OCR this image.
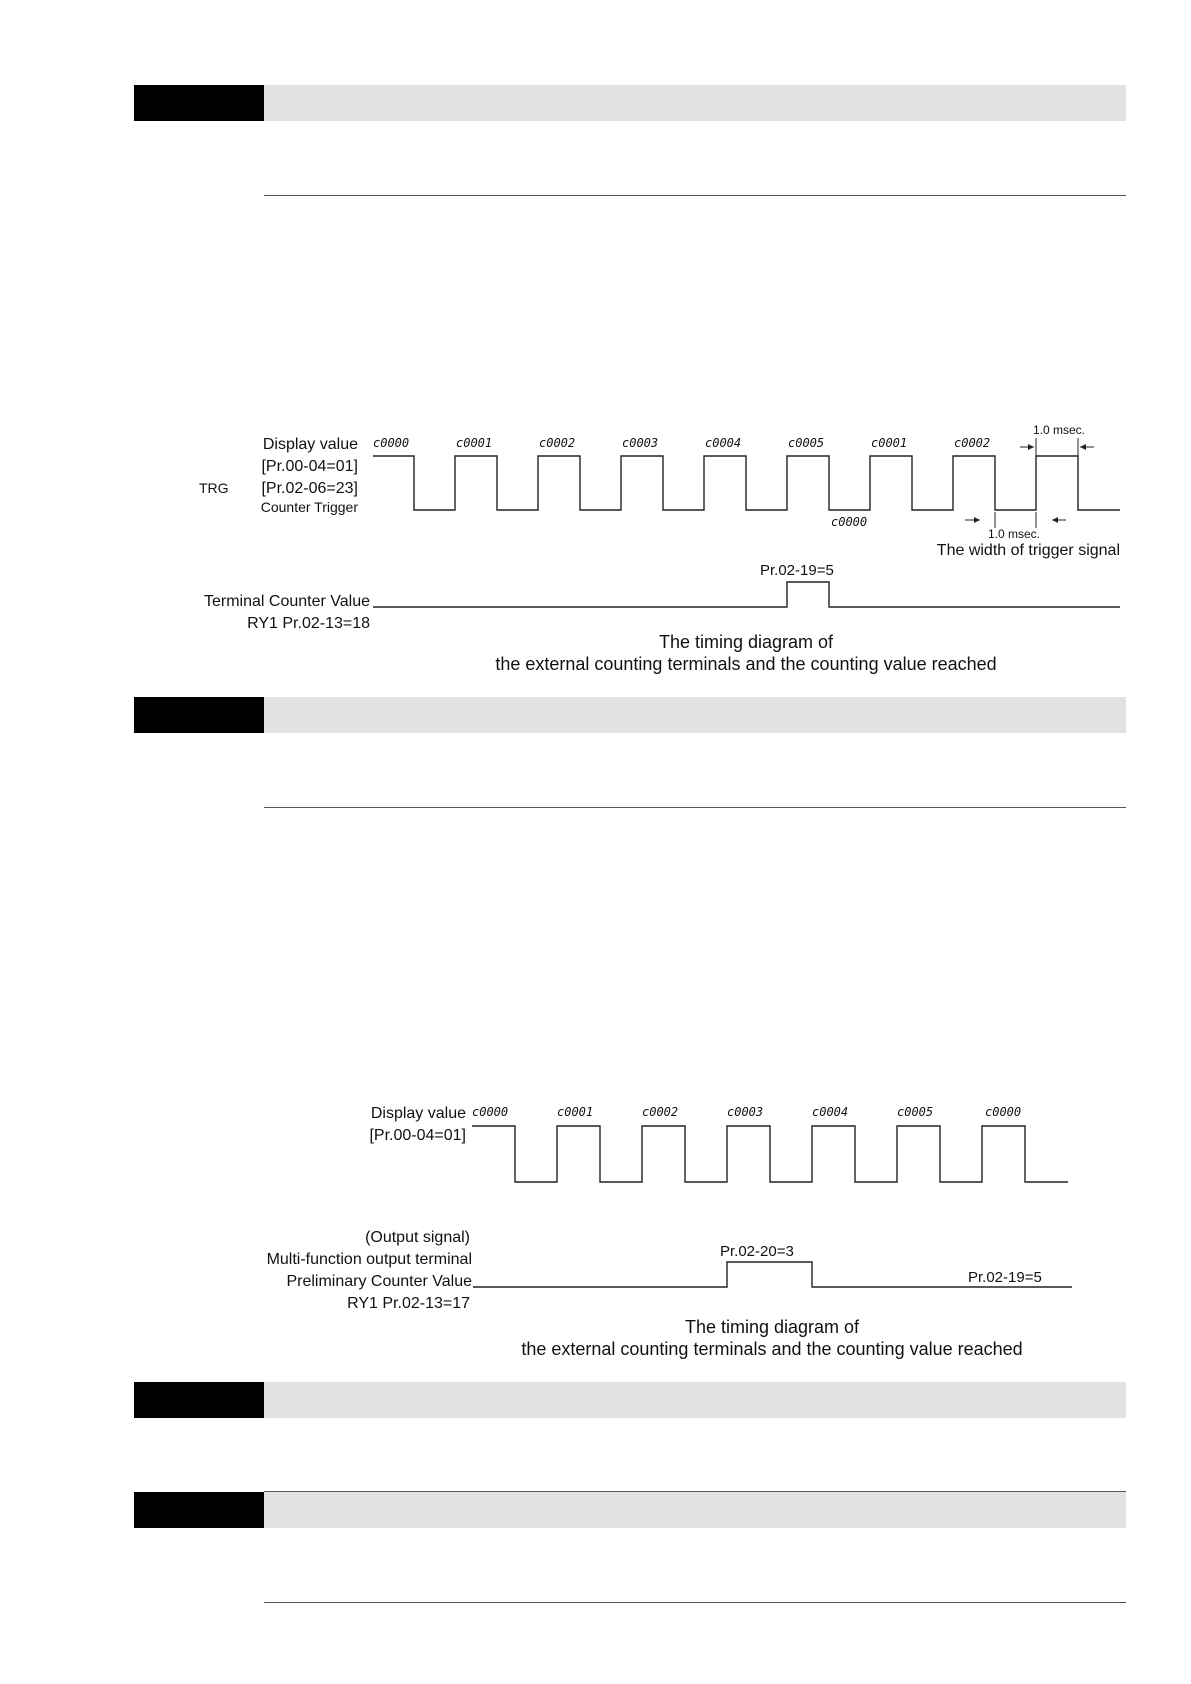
Display value
[Pr.00-04=01]
TRG [Pr.02-06=23]
Counter Trigger
Terminal Counter Value
RY1 Pr.02-13=18
c0000	c0001	c0002	c0003	c0004	c0005	c0001	c0002
c0000
1.0 msec.
1.0 msec.
The width of trigger signal
Pr.02-19=5
The timing diagram of
the external counting terminals and the counting value reached
Display value
[Pr.00-04=01]
c0000	c0001	c0002	c0003	c0004	c0005	c0000
(Output signal)
Multi-function output terminal
Preliminary Counter Value
RY1 Pr.02-13=17
Pr.02-20=3
Pr.02-19=5
The timing diagram of
the external counting terminals and the counting value reached
